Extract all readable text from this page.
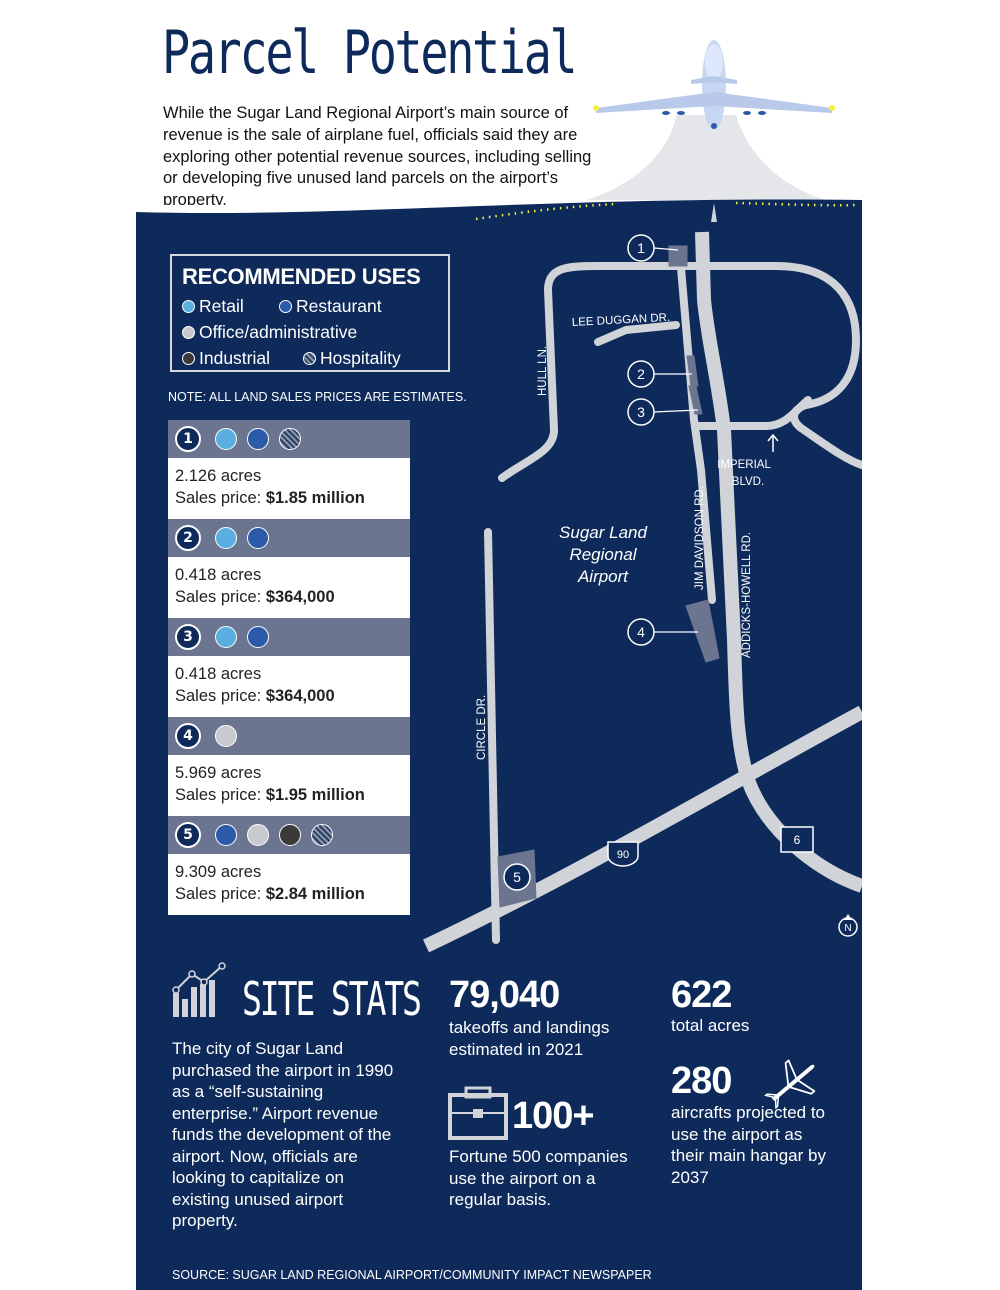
Parcel Potential
While the Sugar Land Regional Airport’s main source of revenue is the sale of airplane fuel, officials said they are exploring other potential revenue sources, including selling or developing five unused land parcels on the airport’s property.
1
2
3
4
5
LEE DUGGAN DR.
HULL LN.
IMPERIAL
BLVD.
JIM DAVIDSON RD.	ADDICKS-HOWELL RD.
CIRCLE DR.
Sugar Land
Regional
Airport
90
6
N
RECOMMENDED USES
Retail	Restaurant
Office/administrative
Industrial	Hospitality
NOTE: ALL LAND SALES PRICES ARE ESTIMATES.
1
2.126 acres
Sales price: $1.85 million
2
0.418 acres
Sales price: $364,000
3
0.418 acres
Sales price: $364,000
4
5.969 acres
Sales price: $1.95 million
5
9.309 acres
Sales price: $2.84 million
SITE STATS
The city of Sugar Land purchased the airport in 1990 as a “self-sustaining enterprise.” Airport revenue funds the development of the airport. Now, officials are looking to capitalize on existing unused airport property.
79,040
takeoffs and landings estimated in 2021
100+
Fortune 500 companies use the airport on a regular basis.
622
total acres
280
aircrafts projected to use the airport as their main hangar by 2037
SOURCE: SUGAR LAND REGIONAL AIRPORT/COMMUNITY IMPACT NEWSPAPER
